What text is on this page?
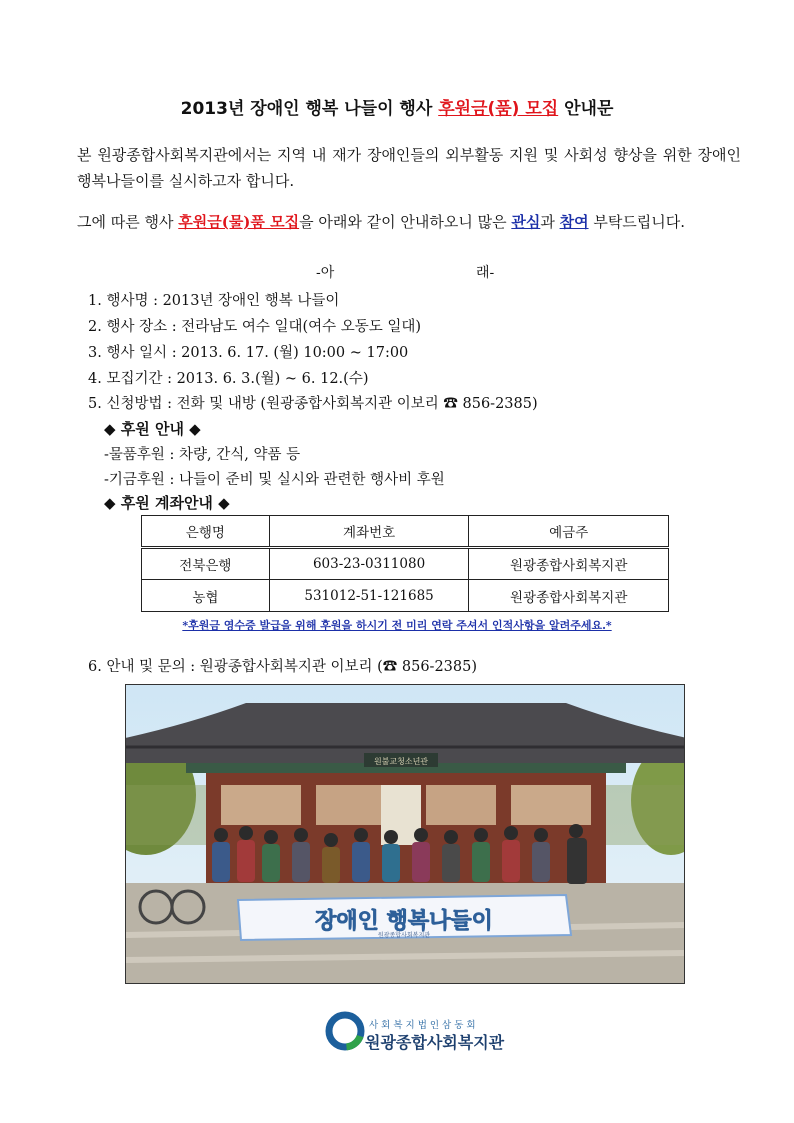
2013년 장애인 행복 나들이 행사 후원금(품) 모집 안내문
본 원광종합사회복지관에서는 지역 내 재가 장애인들의 외부활동 지원 및 사회성 향상을 위한 장애인 행복나들이를 실시하고자 합니다.
그에 따른 행사 후원금(물)품 모집을 아래와 같이 안내하오니 많은 관심과 참여 부탁드립니다.
-아	래-
1. 행사명 : 2013년 장애인 행복 나들이
2. 행사 장소 : 전라남도 여수 일대(여수 오동도 일대)
3. 행사 일시 : 2013. 6. 17. (월) 10:00 ~ 17:00
4. 모집기간 : 2013. 6. 3.(월) ~ 6. 12.(수)
5. 신청방법 : 전화 및 내방 (원광종합사회복지관 이보리 ☎ 856-2385)
◆ 후원 안내 ◆
-물품후원 : 차량, 간식, 약품 등
-기금후원 : 나들이 준비 및 실시와 관련한 행사비 후원
◆ 후원 계좌안내 ◆
은행명	계좌번호	예금주
전북은행	603-23-0311080	원광종합사회복지관
농협	531012-51-121685	원광종합사회복지관
*후원금 영수증 발급을 위해 후원을 하시기 전 미리 연락 주셔서 인적사항을 알려주세요.*
6. 안내 및 문의 : 원광종합사회복지관 이보리 (☎ 856-2385)
원불교청소년관
장애인 행복나들이
원광종합사회복지관
사회복지법인삼동회
원광종합사회복지관
